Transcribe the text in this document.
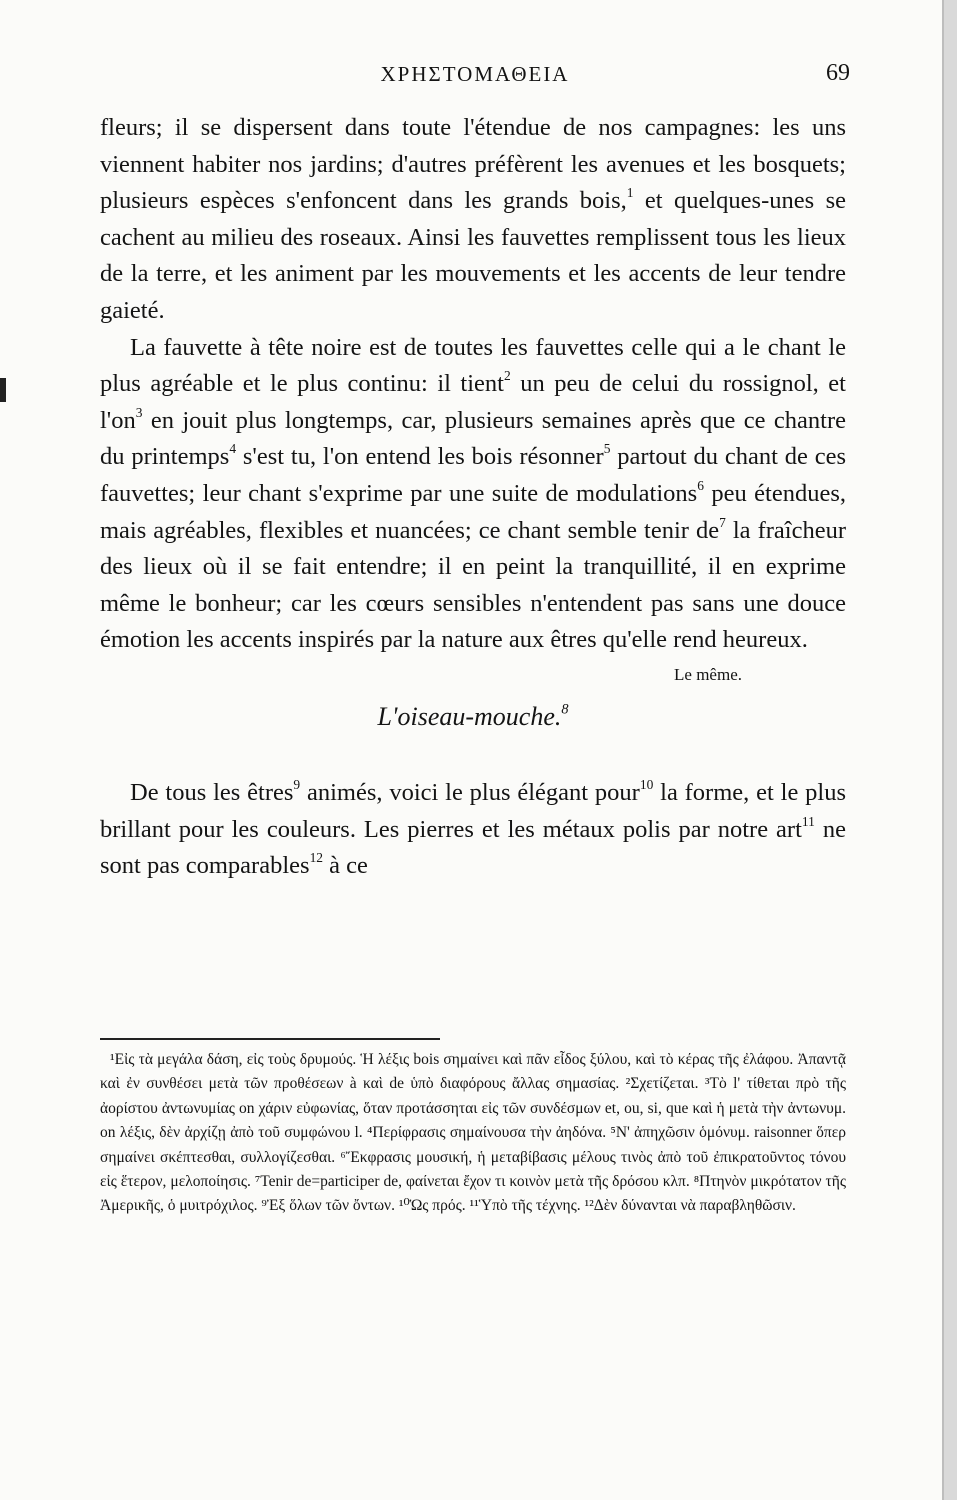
ΧΡΗΣΤΟΜΑΘΕΙΑ	69

fleurs; il se dispersent dans toute l'étendue de nos campagnes: les uns viennent habiter nos jardins; d'autres préfèrent les avenues et les bosquets; plusieurs espèces s'enfoncent dans les grands bois,$^1$ et quelques-unes se cachent au milieu des roseaux. Ainsi les fauvettes remplissent tous les lieux de la terre, et les animent par les mouvements et les accents de leur tendre gaieté.

La fauvette à tête noire est de toutes les fauvettes celle qui a le chant le plus agréable et le plus continu: il tient$^2$ un peu de celui du rossignol, et $l'on^3$ en jouit plus longtemps, car, plusieurs semaines après que ce chantre du printemps$^4$ s'est tu, l'on entend les bois résonner$^5$ partout du chant de ces fauvettes; leur chant s'exprime par une suite de modulations$^6$ peu étendues, mais agréables, flexibles et nuancées; ce chant semble tenir $de^7$ la fraîcheur des lieux où il se fait entendre; il en peint la tranquillité, il en exprime même le bonheur; car les cœurs sensibles n'entendent pas sans une douce émotion les accents inspirés par la nature aux êtres qu'elle rend heureux.

Le même.
L'oiseau-mouche.$^8$

De tous les êtres$^9$ animés, voici le plus élégant pour$^{10}$ la forme, et le plus brillant pour les couleurs. Les pierres et les métaux polis par notre art$^{11}$ ne sont pas comparables$^{12}$ à ce

¹Εἰς τὰ μεγάλα δάση, εἰς τοὺς δρυμούς. Ἡ λέξις bois σημαίνει καὶ πᾶν εἶδος ξύλου, καὶ τὸ κέρας τῆς ἐλάφου. Ἀπαντᾷ καὶ ἐν συνθέσει μετὰ τῶν προθέσεων à καὶ de ὑπὸ διαφόρους ἄλλας σημασίας. ²Σχετίζεται. ³Τὸ l' τίθεται πρὸ τῆς ἀορίστου ἀντωνυμίας on χάριν εὐφωνίας, ὅταν προτάσσηται εἰς τῶν συνδέσμων et, ou, si, que καὶ ἡ μετὰ τὴν ἀντωνυμ. on λέξις, δὲν ἀρχίζῃ ἀπὸ τοῦ συμφώνου l. ⁴Περίφρασις σημαίνουσα τὴν ἀηδόνα. ⁵Ν' ἀπηχῶσιν ὁμόνυμ. raisonner ὅπερ σημαίνει σκέπτεσθαι, συλλογίζεσθαι. ⁶Ἔκφρασις μουσική, ἡ μεταβίβασις μέλους τινὸς ἀπὸ τοῦ ἐπικρατοῦντος τόνου εἰς ἕτερον, μελοποίησις. ⁷Tenir de=participer de, φαίνεται ἔχον τι κοινὸν μετὰ τῆς δρόσου κλπ. ⁸Πτηνὸν μικρότατον τῆς Ἀμερικῆς, ὁ μυιτρόχιλος. ⁹Ἐξ ὅλων τῶν ὄντων. ¹⁰Ὡς πρός. ¹¹Ὑπὸ τῆς τέχνης. ¹²Δὲν δύνανται νὰ παραβληθῶσιν.
